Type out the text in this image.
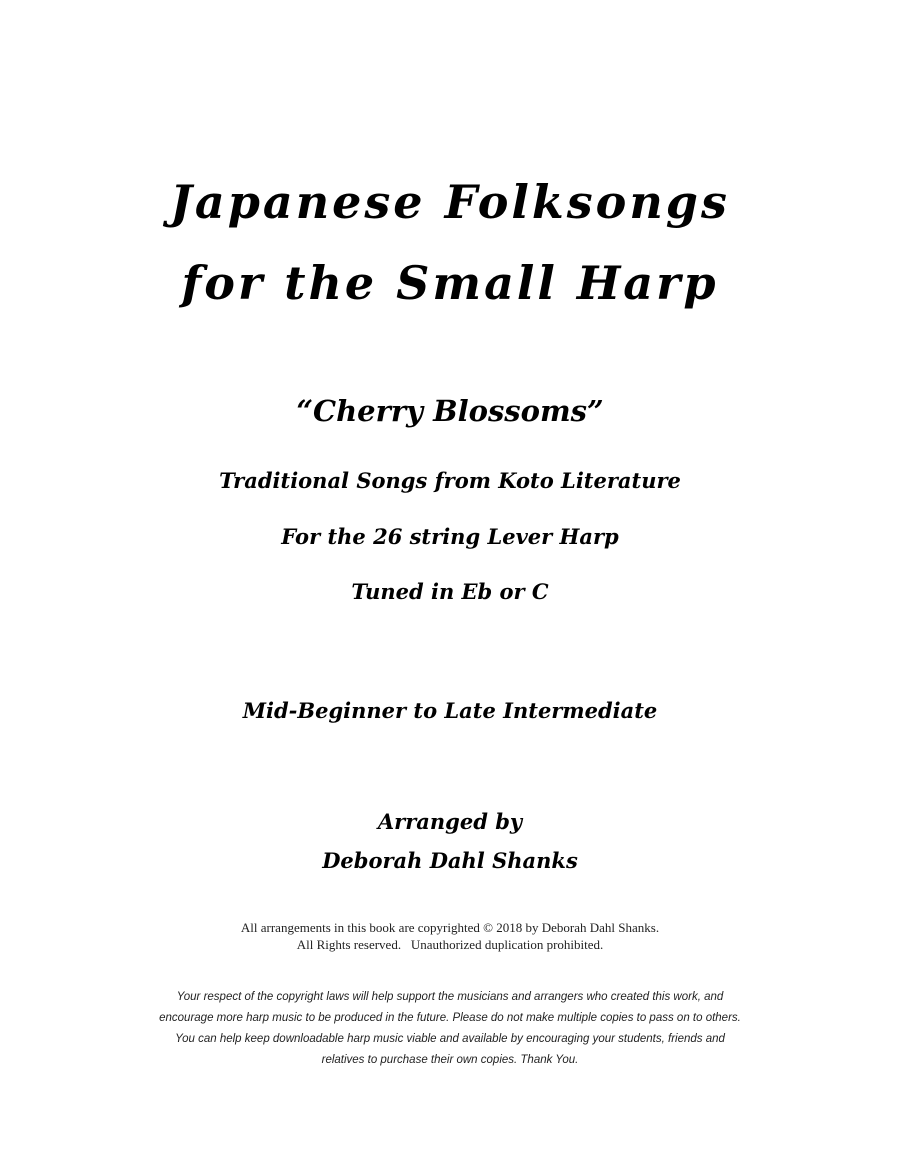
Japanese Folksongs
for the Small Harp
“Cherry Blossoms”
Traditional Songs from Koto Literature
For the 26 string Lever Harp
Tuned in Eb or C
Mid-Beginner to Late Intermediate
Arranged by
Deborah Dahl Shanks
All arrangements in this book are copyrighted © 2018 by Deborah Dahl Shanks.
All Rights reserved.   Unauthorized duplication prohibited.
Your respect of the copyright laws will help support the musicians and arrangers who created this work, and
encourage more harp music to be produced in the future. Please do not make multiple copies to pass on to others.
You can help keep downloadable harp music viable and available by encouraging your students, friends and
relatives to purchase their own copies. Thank You.
